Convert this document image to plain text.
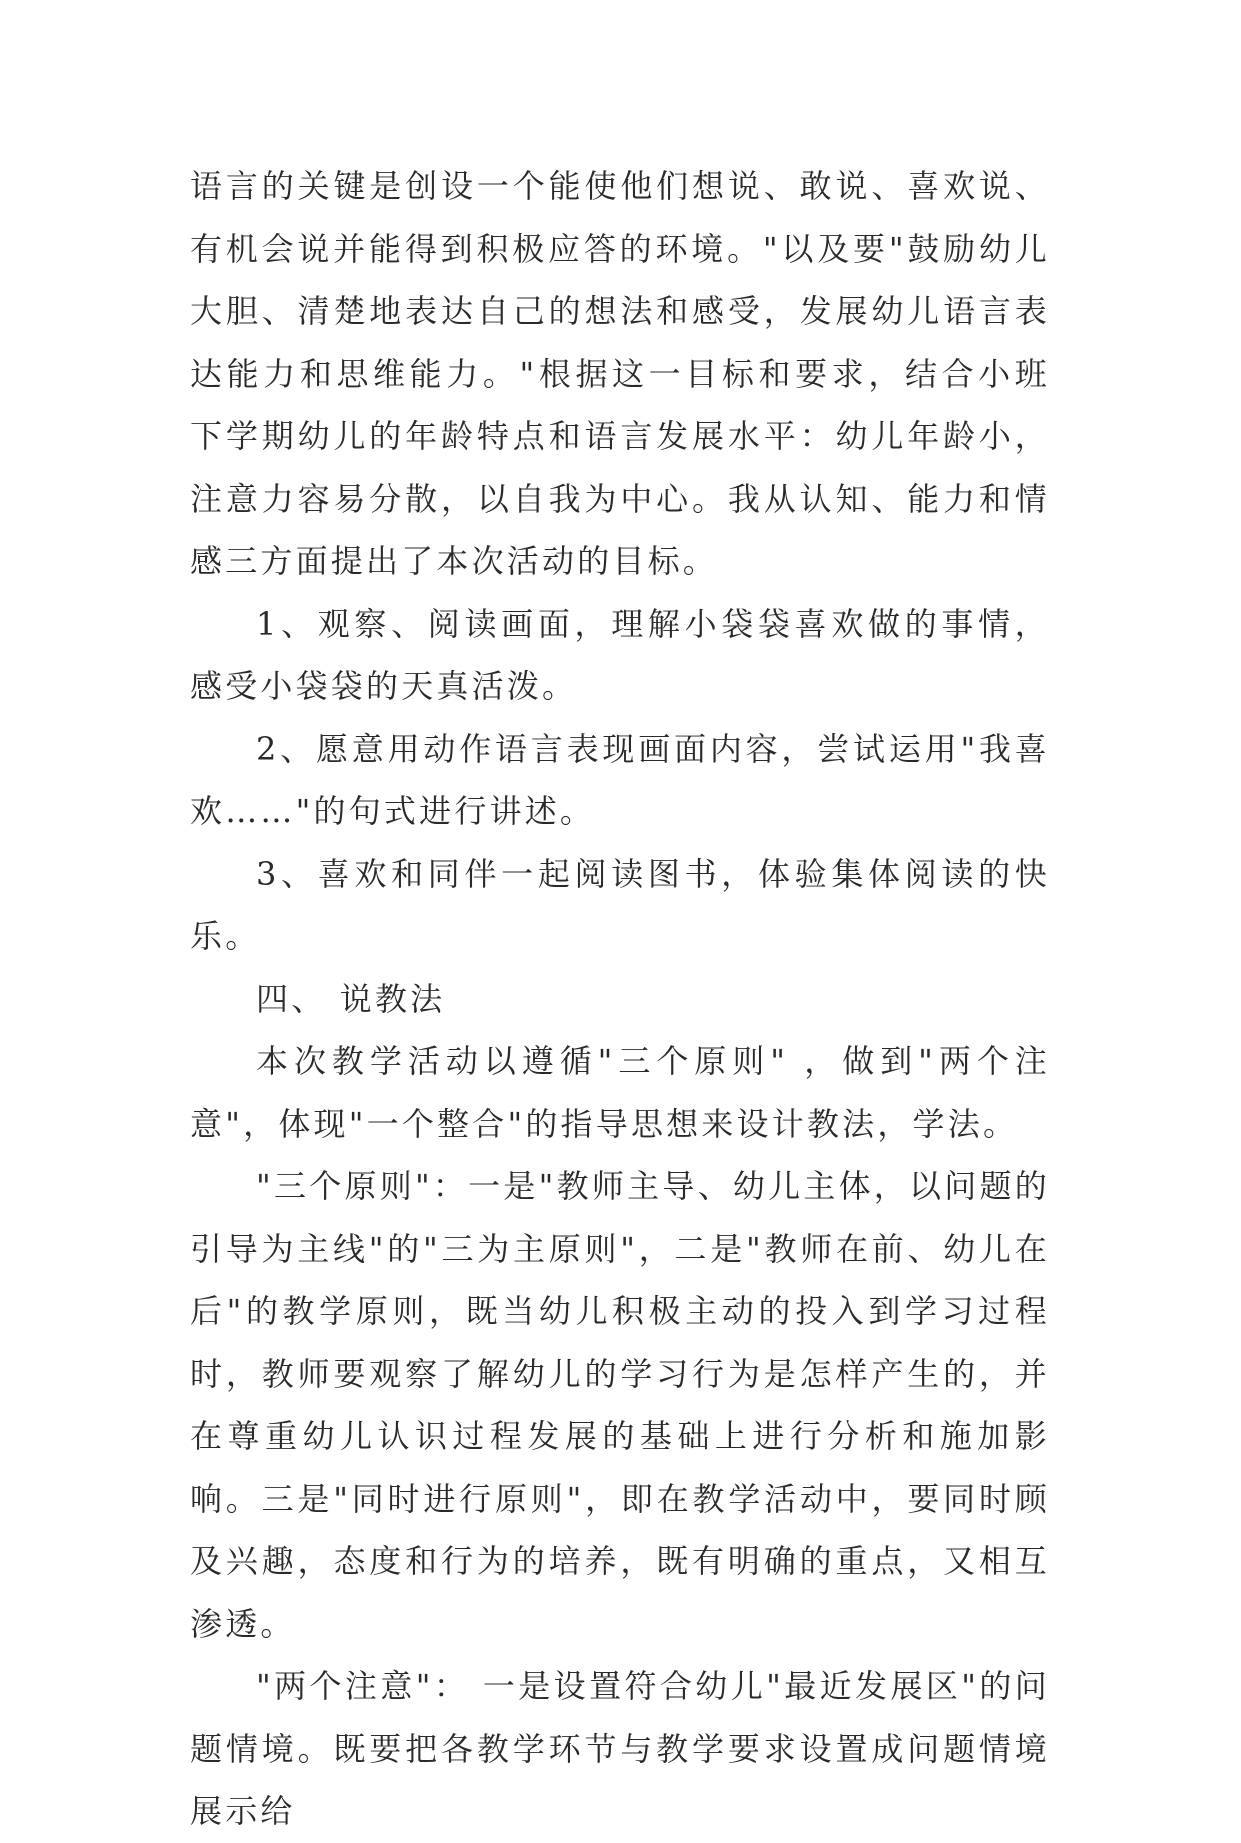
语言的关键是创设一个能使他们想说、敢说、喜欢说、有机会说并能得到积极应答的环境。"以及要"鼓励幼儿大胆、清楚地表达自己的想法和感受，发展幼儿语言表达能力和思维能力。"根据这一目标和要求，结合小班下学期幼儿的年龄特点和语言发展水平：幼儿年龄小，注意力容易分散，以自我为中心。我从认知、能力和情感三方面提出了本次活动的目标。

1、观察、阅读画面，理解小袋袋喜欢做的事情，感受小袋袋的天真活泼。

2、愿意用动作语言表现画面内容，尝试运用"我喜欢……"的句式进行讲述。

3、喜欢和同伴一起阅读图书，体验集体阅读的快乐。

四、 说教法

本次教学活动以遵循"三个原则" ，做到"两个注意"，体现"一个整合"的指导思想来设计教法，学法。

"三个原则"：一是"教师主导、幼儿主体，以问题的引导为主线"的"三为主原则"，二是"教师在前、幼儿在后"的教学原则，既当幼儿积极主动的投入到学习过程时，教师要观察了解幼儿的学习行为是怎样产生的，并在尊重幼儿认识过程发展的基础上进行分析和施加影响。三是"同时进行原则"，即在教学活动中，要同时顾及兴趣，态度和行为的培养，既有明确的重点，又相互渗透。

"两个注意"： 一是设置符合幼儿"最近发展区"的问题情境。既要把各教学环节与教学要求设置成问题情境展示给
